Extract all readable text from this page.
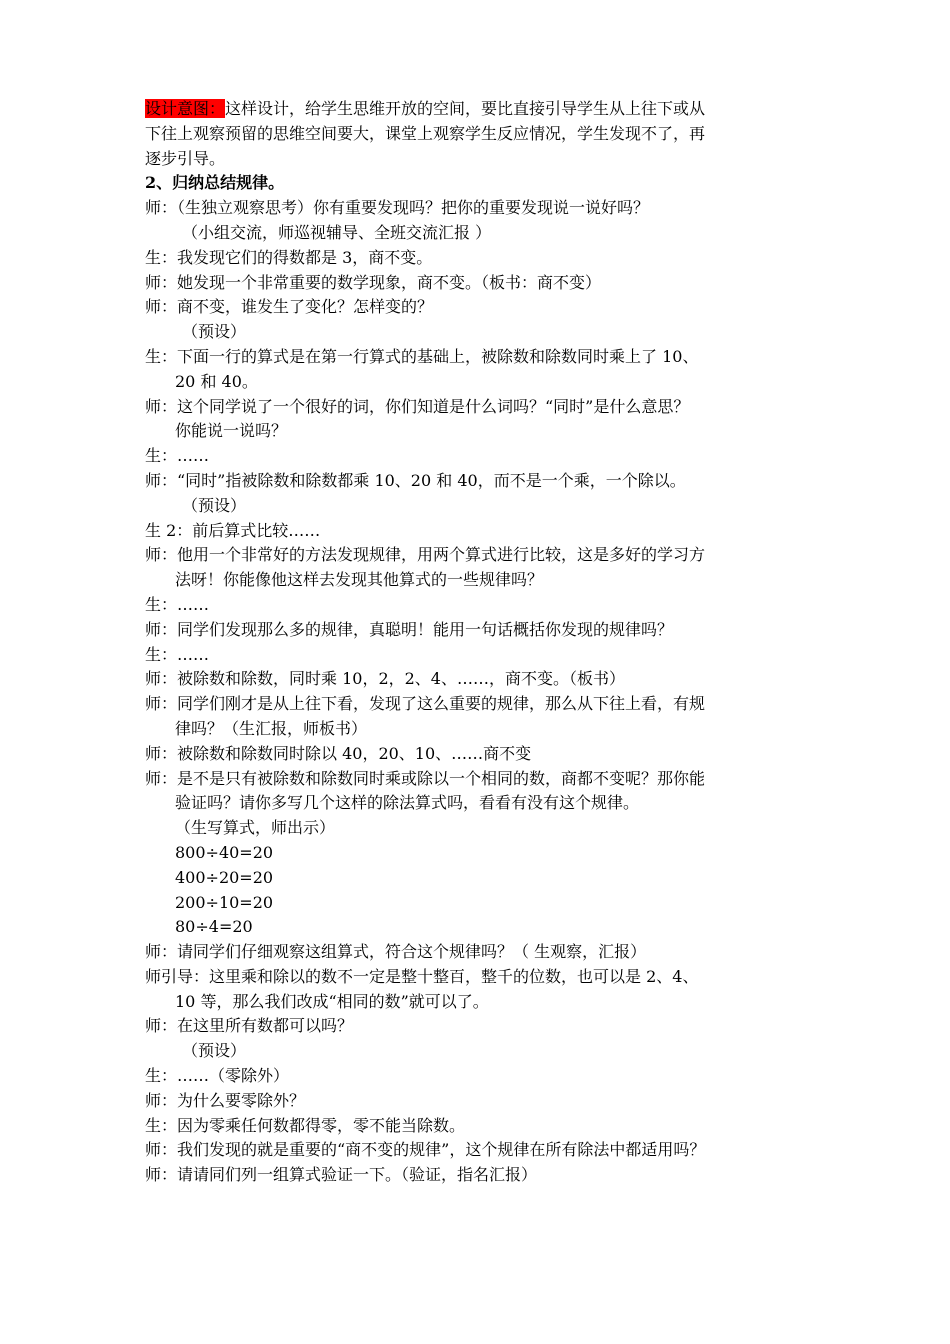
设计意图：这样设计，给学生思维开放的空间，要比直接引导学生从上往下或从
下往上观察预留的思维空间要大，课堂上观察学生反应情况，学生发现不了，再
逐步引导。
2、归纳总结规律。
师：（生独立观察思考）你有重要发现吗？把你的重要发现说一说好吗？
（小组交流，师巡视辅导、全班交流汇报 ）
生：我发现它们的得数都是 3，商不变。
师：她发现一个非常重要的数学现象，商不变。（板书：商不变）
师：商不变，谁发生了变化？怎样变的？
（预设）
生：下面一行的算式是在第一行算式的基础上，被除数和除数同时乘上了 10、
20 和 40。
师：这个同学说了一个很好的词，你们知道是什么词吗？“同时”是什么意思？
你能说一说吗？
生：……
师：“同时”指被除数和除数都乘 10、20 和 40，而不是一个乘，一个除以。
（预设）
生 2：前后算式比较……
师：他用一个非常好的方法发现规律，用两个算式进行比较，这是多好的学习方
法呀！你能像他这样去发现其他算式的一些规律吗？
生：……
师：同学们发现那么多的规律，真聪明！能用一句话概括你发现的规律吗？
生：……
师：被除数和除数，同时乘 10，2，2、4、……，商不变。（板书）
师：同学们刚才是从上往下看，发现了这么重要的规律，那么从下往上看，有规
律吗？（生汇报，师板书）
师：被除数和除数同时除以 40，20、10、……商不变
师：是不是只有被除数和除数同时乘或除以一个相同的数，商都不变呢？那你能
验证吗？请你多写几个这样的除法算式吗，看看有没有这个规律。
（生写算式，师出示）
800÷40=20
400÷20=20
200÷10=20
80÷4=20
师：请同学们仔细观察这组算式，符合这个规律吗？（ 生观察，汇报）
师引导：这里乘和除以的数不一定是整十整百，整千的位数，也可以是 2、4、
10 等，那么我们改成“相同的数”就可以了。
师：在这里所有数都可以吗？
（预设）
生：……（零除外）
师：为什么要零除外？
生：因为零乘任何数都得零，零不能当除数。
师：我们发现的就是重要的“商不变的规律”，这个规律在所有除法中都适用吗？
师：请请同们列一组算式验证一下。（验证，指名汇报）
